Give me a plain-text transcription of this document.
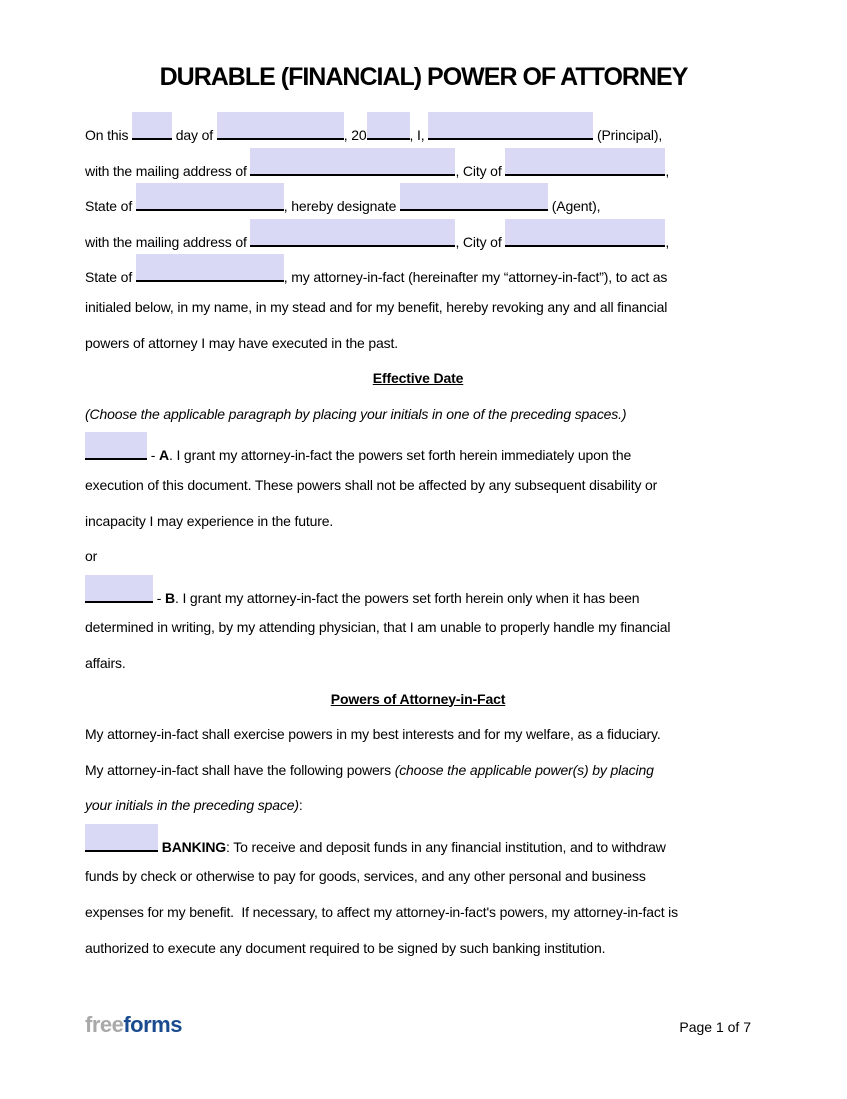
DURABLE (FINANCIAL) POWER OF ATTORNEY
On this	day of	, 20	, I,	(Principal),
with the mailing address of	, City of	,
State of	, hereby designate	(Agent),
with the mailing address of	, City of	,
State of	, my attorney-in-fact (hereinafter my “attorney-in-fact”), to act as
initialed below, in my name, in my stead and for my benefit, hereby revoking any and all financial
powers of attorney I may have executed in the past.
Effective Date
(Choose the applicable paragraph by placing your initials in one of the preceding spaces.)
- A. I grant my attorney-in-fact the powers set forth herein immediately upon the
execution of this document. These powers shall not be affected by any subsequent disability or
incapacity I may experience in the future.
or
- B. I grant my attorney-in-fact the powers set forth herein only when it has been
determined in writing, by my attending physician, that I am unable to properly handle my financial
affairs.
Powers of Attorney-in-Fact
My attorney-in-fact shall exercise powers in my best interests and for my welfare, as a fiduciary.
My attorney-in-fact shall have the following powers (choose the applicable power(s) by placing
your initials in the preceding space):
BANKING: To receive and deposit funds in any financial institution, and to withdraw
funds by check or otherwise to pay for goods, services, and any other personal and business
expenses for my benefit.  If necessary, to affect my attorney-in-fact's powers, my attorney-in-fact is
authorized to execute any document required to be signed by such banking institution.
freeforms	Page 1 of 7
